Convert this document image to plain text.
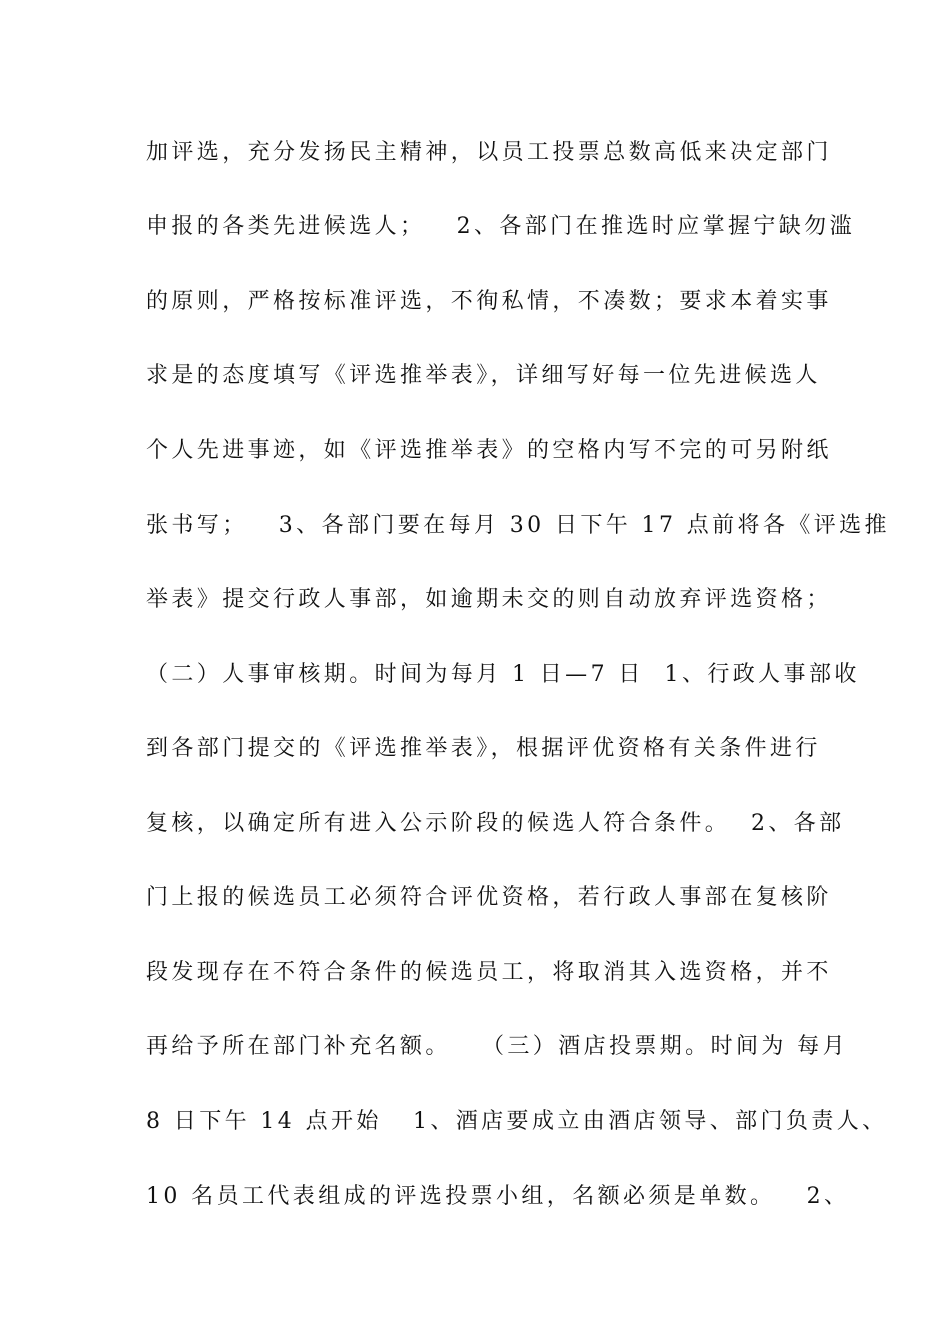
加评选，充分发扬民主精神，以员工投票总数高低来决定部门
申报的各类先进候选人；   2、各部门在推选时应掌握宁缺勿滥
的原则，严格按标准评选，不徇私情，不凑数；要求本着实事
求是的态度填写《评选推举表》，详细写好每一位先进候选人
个人先进事迹，如《评选推举表》的空格内写不完的可另附纸
张书写；   3、各部门要在每月 30 日下午 17 点前将各《评选推
举表》提交行政人事部，如逾期未交的则自动放弃评选资格；
（二）人事审核期。时间为每月 1 日—7 日  1、行政人事部收
到各部门提交的《评选推举表》，根据评优资格有关条件进行
复核，以确定所有进入公示阶段的候选人符合条件。  2、各部
门上报的候选员工必须符合评优资格，若行政人事部在复核阶
段发现存在不符合条件的候选员工，将取消其入选资格，并不
再给予所在部门补充名额。   （三）酒店投票期。时间为 每月
8 日下午 14 点开始   1、酒店要成立由酒店领导、部门负责人、
10 名员工代表组成的评选投票小组，名额必须是单数。   2、
